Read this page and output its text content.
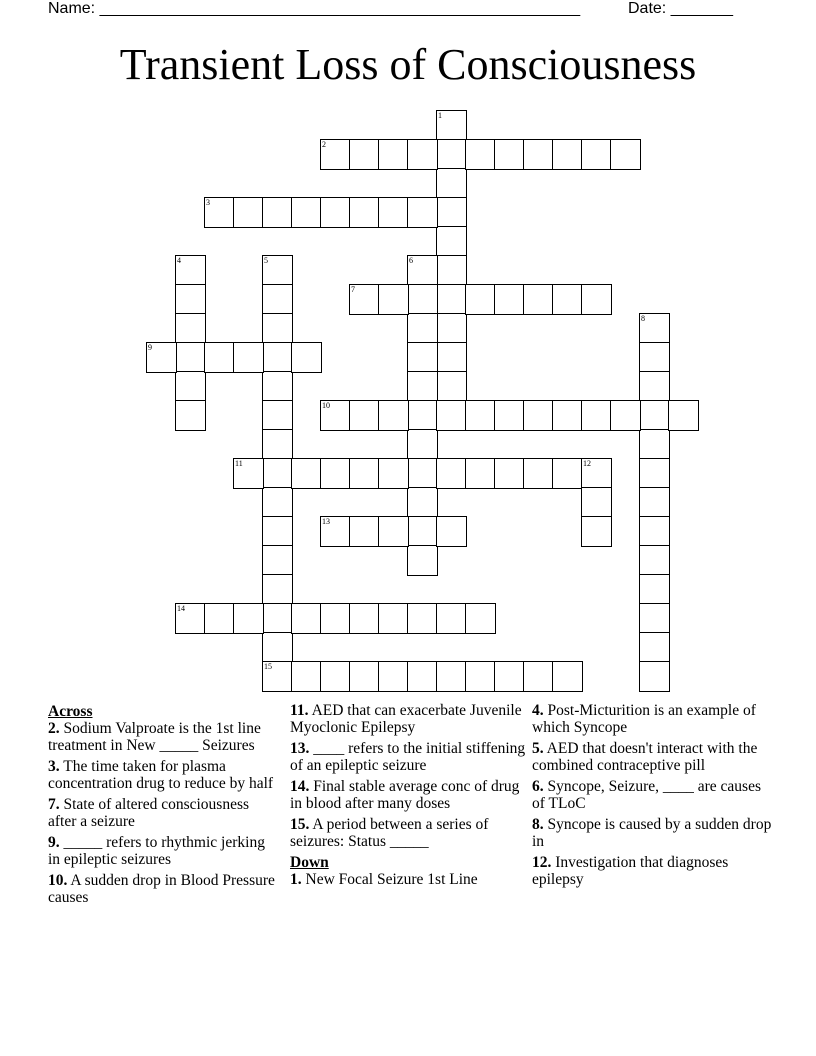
Name: ______________________________________________________	Date: _______
Transient Loss of Consciousness
1
2
3
4	5
15
6
7
8
9
10
11	12
13
14
Across
2. Sodium Valproate is the 1st line treatment in New _____ Seizures
3. The time taken for plasma concentration drug to reduce by half
7. State of altered consciousness after a seizure
9. _____ refers to rhythmic jerking in epileptic seizures
10. A sudden drop in Blood Pressure causes
11. AED that can exacerbate Juvenile Myoclonic Epilepsy
13. ____ refers to the initial stiffening of an epileptic seizure
14. Final stable average conc of drug in blood after many doses
15. A period between a series of seizures: Status _____
Down
1. New Focal Seizure 1st Line
4. Post-Micturition is an example of which Syncope
5. AED that doesn't interact with the combined contraceptive pill
6. Syncope, Seizure, ____ are causes of TLoC
8. Syncope is caused by a sudden drop in
12. Investigation that diagnoses epilepsy
